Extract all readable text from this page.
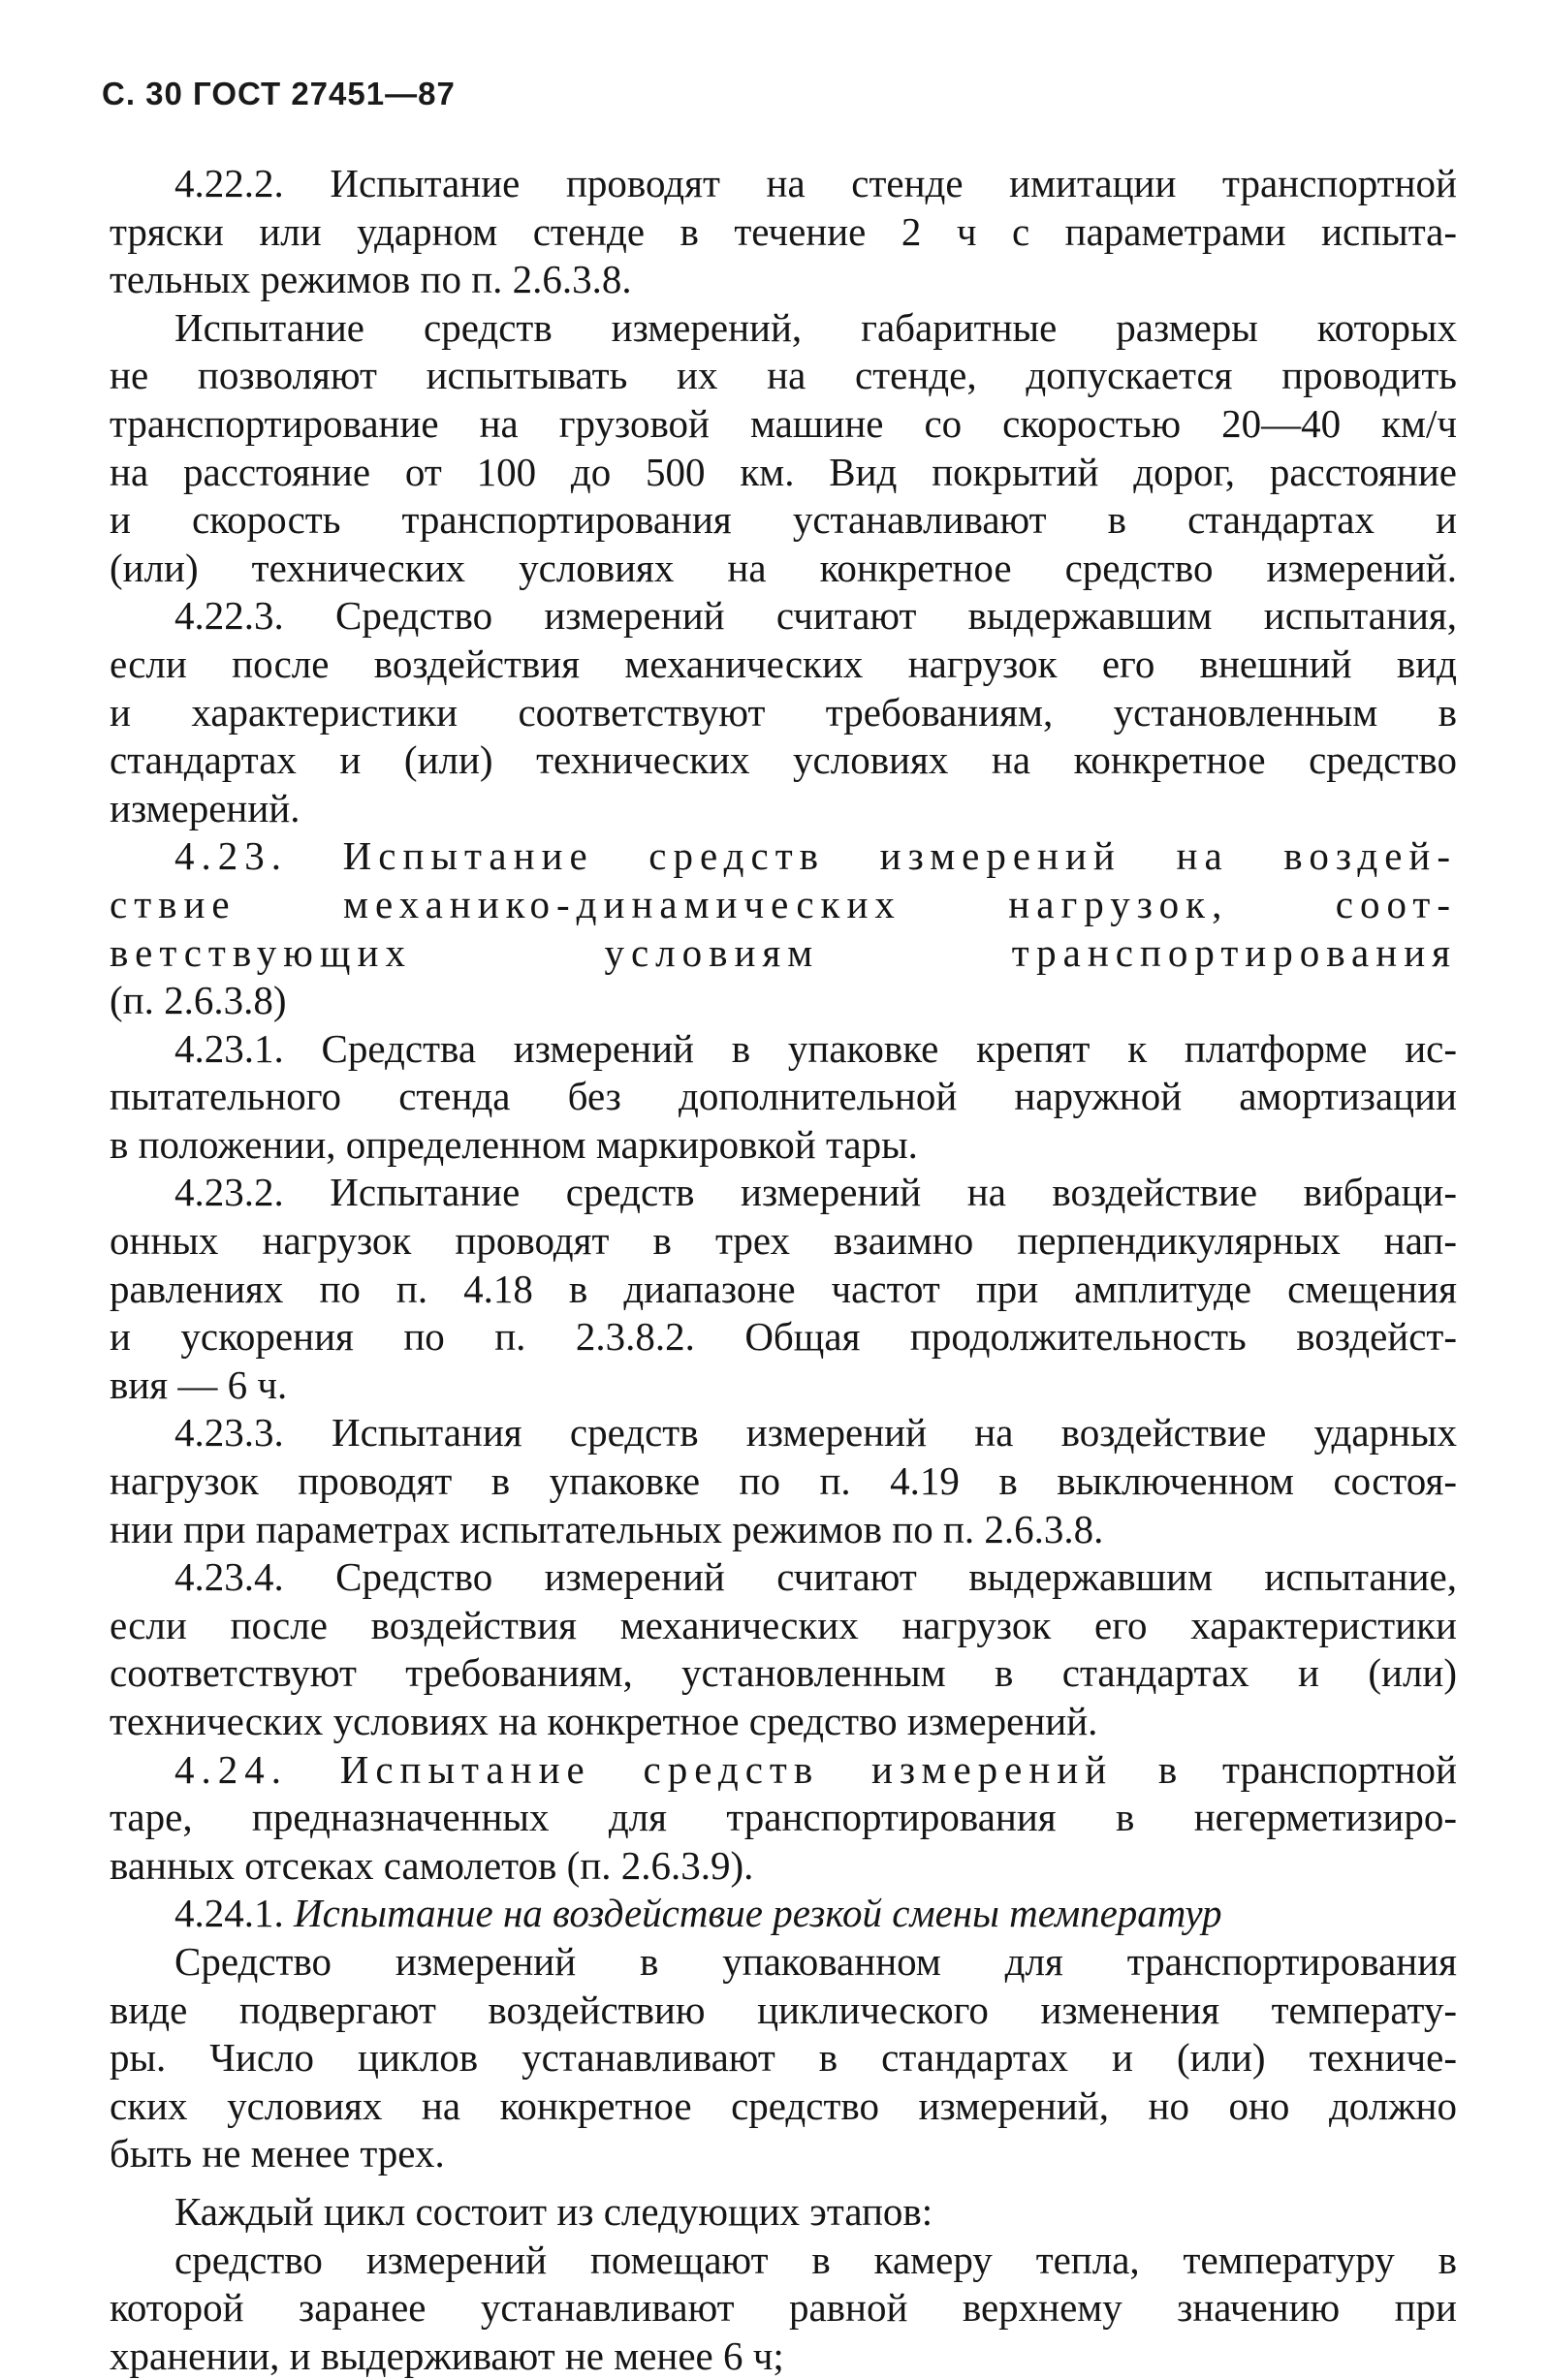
С. 30 ГОСТ 27451—87
4.22.2. Испытание проводят на стенде имитации транспортной
тряски или ударном стенде в течение 2 ч с параметрами испыта-
тельных режимов по п. 2.6.3.8.
Испытание средств измерений, габаритные размеры которых
не позволяют испытывать их на стенде, допускается проводить
транспортирование на грузовой машине со скоростью 20—40 км/ч
на расстояние от 100 до 500 км. Вид покрытий дорог, расстояние
и скорость транспортирования устанавливают в стандартах и
(или) технических условиях на конкретное средство измерений.
4.22.3. Средство измерений считают выдержавшим испытания,
если после воздействия механических нагрузок его внешний вид
и характеристики соответствуют требованиям, установленным в
стандартах и (или) технических условиях на конкретное средство
измерений.
4.23. Испытание средств измерений на воздей-
ствие механико-динамических нагрузок, соот-
ветствующих условиям транспортирования
(п. 2.6.3.8)
4.23.1. Средства измерений в упаковке крепят к платформе ис-
пытательного стенда без дополнительной наружной амортизации
в положении, определенном маркировкой тары.
4.23.2. Испытание средств измерений на воздействие вибраци-
онных нагрузок проводят в трех взаимно перпендикулярных нап-
равлениях по п. 4.18 в диапазоне частот при амплитуде смещения
и ускорения по п. 2.3.8.2. Общая продолжительность воздейст-
вия — 6 ч.
4.23.3. Испытания средств измерений на воздействие ударных
нагрузок проводят в упаковке по п. 4.19 в выключенном состоя-
нии при параметрах испытательных режимов по п. 2.6.3.8.
4.23.4. Средство измерений считают выдержавшим испытание,
если после воздействия механических нагрузок его характеристики
соответствуют требованиям, установленным в стандартах и (или)
технических условиях на конкретное средство измерений.
4.24. Испытание средств измерений в транспортной
таре, предназначенных для транспортирования в негерметизиро-
ванных отсеках самолетов (п. 2.6.3.9).
4.24.1. Испытание на воздействие резкой смены температур
Средство измерений в упакованном для транспортирования
виде подвергают воздействию циклического изменения температу-
ры. Число циклов устанавливают в стандартах и (или) техниче-
ских условиях на конкретное средство измерений, но оно должно
быть не менее трех.
Каждый цикл состоит из следующих этапов:
средство измерений помещают в камеру тепла, температуру в
которой заранее устанавливают равной верхнему значению при
хранении, и выдерживают не менее 6 ч;
